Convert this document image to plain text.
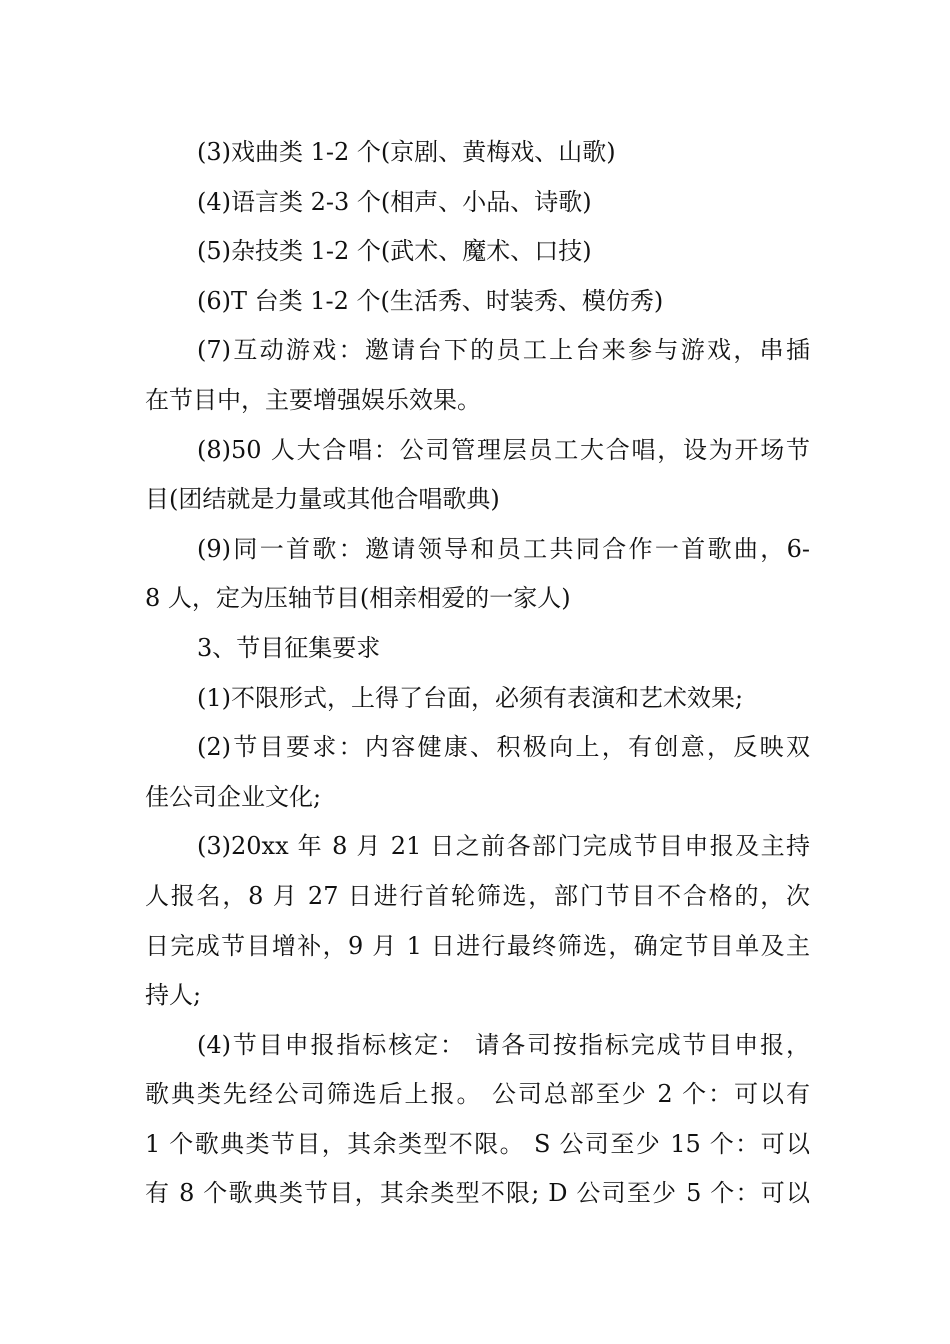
(3)戏曲类 1-2 个(京剧、黄梅戏、山歌)
(4)语言类 2-3 个(相声、小品、诗歌)
(5)杂技类 1-2 个(武术、魔术、口技)
(6)T 台类 1-2 个(生活秀、时装秀、模仿秀)
(7)互动游戏：邀请台下的员工上台来参与游戏，串插
在节目中，主要增强娱乐效果。
(8)50 人大合唱：公司管理层员工大合唱，设为开场节
目(团结就是力量或其他合唱歌典)
(9)同一首歌：邀请领导和员工共同合作一首歌曲，6-
8 人，定为压轴节目(相亲相爱的一家人)
3、节目征集要求
(1)不限形式，上得了台面，必须有表演和艺术效果;
(2)节目要求：内容健康、积极向上，有创意，反映双
佳公司企业文化;
(3)20xx 年 8 月 21 日之前各部门完成节目申报及主持
人报名，8 月 27 日进行首轮筛选，部门节目不合格的，次
日完成节目增补，9 月 1 日进行最终筛选，确定节目单及主
持人;
(4)节目申报指标核定： 请各司按指标完成节目申报，
歌典类先经公司筛选后上报。 公司总部至少 2 个：可以有
1 个歌典类节目，其余类型不限。 S 公司至少 15 个：可以
有 8 个歌典类节目，其余类型不限; D 公司至少 5 个：可以
